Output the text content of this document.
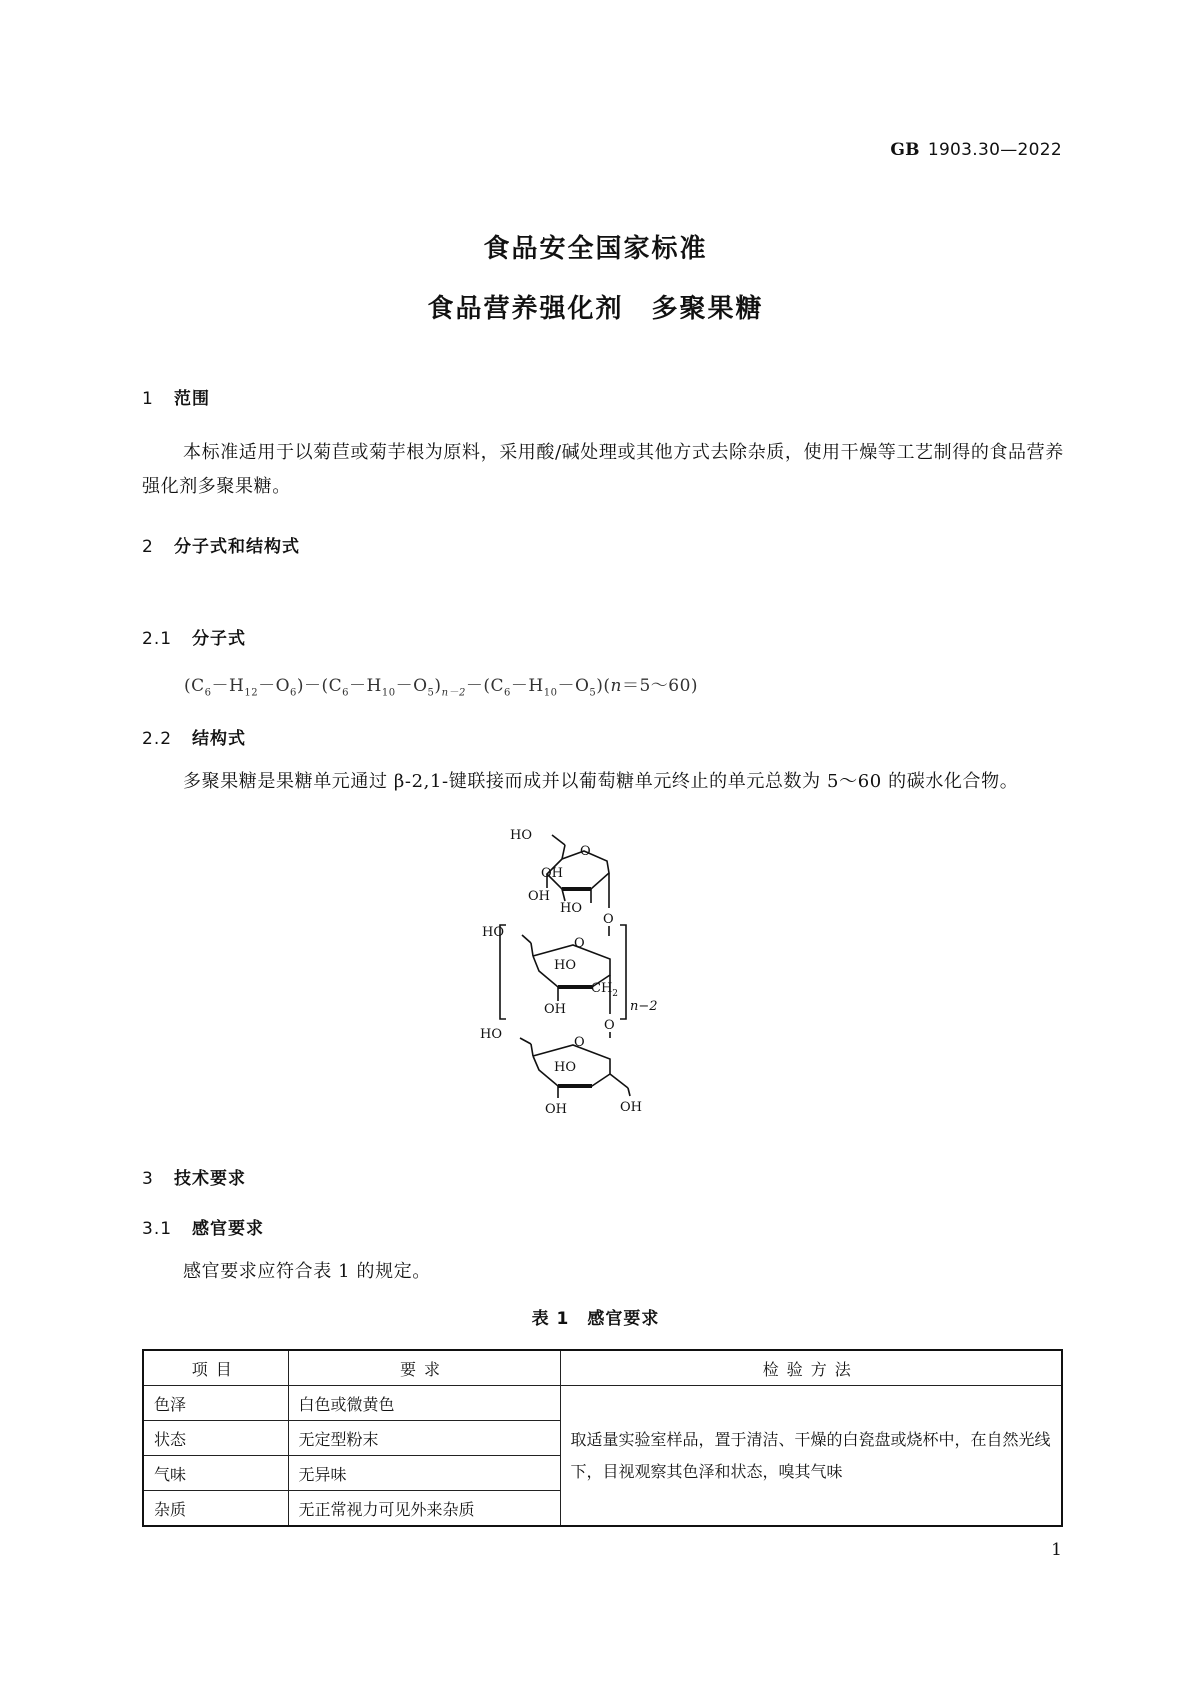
GB 1903.30—2022
食品安全国家标准
食品营养强化剂　多聚果糖
1 范围
本标准适用于以菊苣或菊芋根为原料，采用酸/碱处理或其他方式去除杂质，使用干燥等工艺制得的食品营养强化剂多聚果糖。
2 分子式和结构式
2.1 分子式
$(C_6-H_{12}-O_6)-(C_6-H_{10}-O_5)_{n-2}-(C_6-H_{10}-O_5)(n=5\sim 60)$
2.2 结构式
多聚果糖是果糖单元通过 β-2,1-键联接而成并以葡萄糖单元终止的单元总数为 5～60 的碳水化合物。
HO
OH
OH
HO
O
O
HO
O
HO
$CH_2$
OH	n−2
O
HO
O
HO
OH	OH
3 技术要求
3.1 感官要求
感官要求应符合表 1 的规定。
表 1　感官要求
项目	要求	检验方法
色泽	白色或微黄色	取适量实验室样品，置于清洁、干燥的白瓷盘或烧杯中，在自然光线下，目视观察其色泽和状态，嗅其气味
状态	无定型粉末	
气味	无异味	
杂质	无正常视力可见外来杂质	
1
